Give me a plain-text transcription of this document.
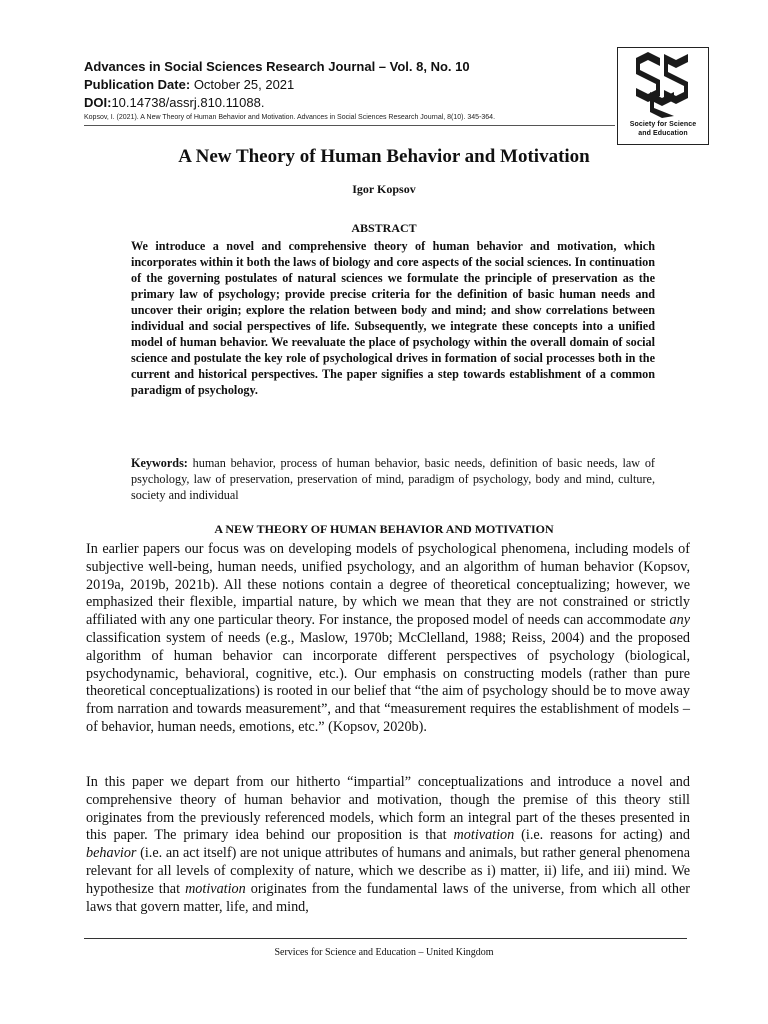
Advances in Social Sciences Research Journal – Vol. 8, No. 10
Publication Date: October 25, 2021
DOI:10.14738/assrj.810.11088.
Kopsov, I. (2021). A New Theory of Human Behavior and Motivation. Advances in Social Sciences Research Journal, 8(10). 345-364.
Society for Science
and Education
A New Theory of Human Behavior and Motivation
Igor Kopsov
ABSTRACT
We introduce a novel and comprehensive theory of human behavior and motivation, which incorporates within it both the laws of biology and core aspects of the social sciences. In continuation of the governing postulates of natural sciences we formulate the principle of preservation as the primary law of psychology; provide precise criteria for the definition of basic human needs and uncover their origin; explore the relation between body and mind; and show correlations between individual and social perspectives of life. Subsequently, we integrate these concepts into a unified model of human behavior. We reevaluate the place of psychology within the overall domain of social science and postulate the key role of psychological drives in formation of social processes both in the current and historical perspectives. The paper signifies a step towards establishment of a common paradigm of psychology.
Keywords: human behavior, process of human behavior, basic needs, definition of basic needs, law of psychology, law of preservation, preservation of mind, paradigm of psychology, body and mind, culture, society and individual
A NEW THEORY OF HUMAN BEHAVIOR AND MOTIVATION
In earlier papers our focus was on developing models of psychological phenomena, including models of subjective well-being, human needs, unified psychology, and an algorithm of human behavior (Kopsov, 2019a, 2019b, 2021b). All these notions contain a degree of theoretical conceptualizing; however, we emphasized their flexible, impartial nature, by which we mean that they are not constrained or strictly affiliated with any one particular theory. For instance, the proposed model of needs can accommodate any classification system of needs (e.g., Maslow, 1970b; McClelland, 1988; Reiss, 2004) and the proposed algorithm of human behavior can incorporate different perspectives of psychology (biological, psychodynamic, behavioral, cognitive, etc.). Our emphasis on constructing models (rather than pure theoretical conceptualizations) is rooted in our belief that “the aim of psychology should be to move away from narration and towards measurement”, and that “measurement requires the establishment of models – of behavior, human needs, emotions, etc.” (Kopsov, 2020b).
In this paper we depart from our hitherto “impartial” conceptualizations and introduce a novel and comprehensive theory of human behavior and motivation, though the premise of this theory still originates from the previously referenced models, which form an integral part of the theses presented in this paper. The primary idea behind our proposition is that motivation (i.e. reasons for acting) and behavior (i.e. an act itself) are not unique attributes of humans and animals, but rather general phenomena relevant for all levels of complexity of nature, which we describe as i) matter, ii) life, and iii) mind. We hypothesize that motivation originates from the fundamental laws of the universe, from which all other laws that govern matter, life, and mind,
Services for Science and Education – United Kingdom
